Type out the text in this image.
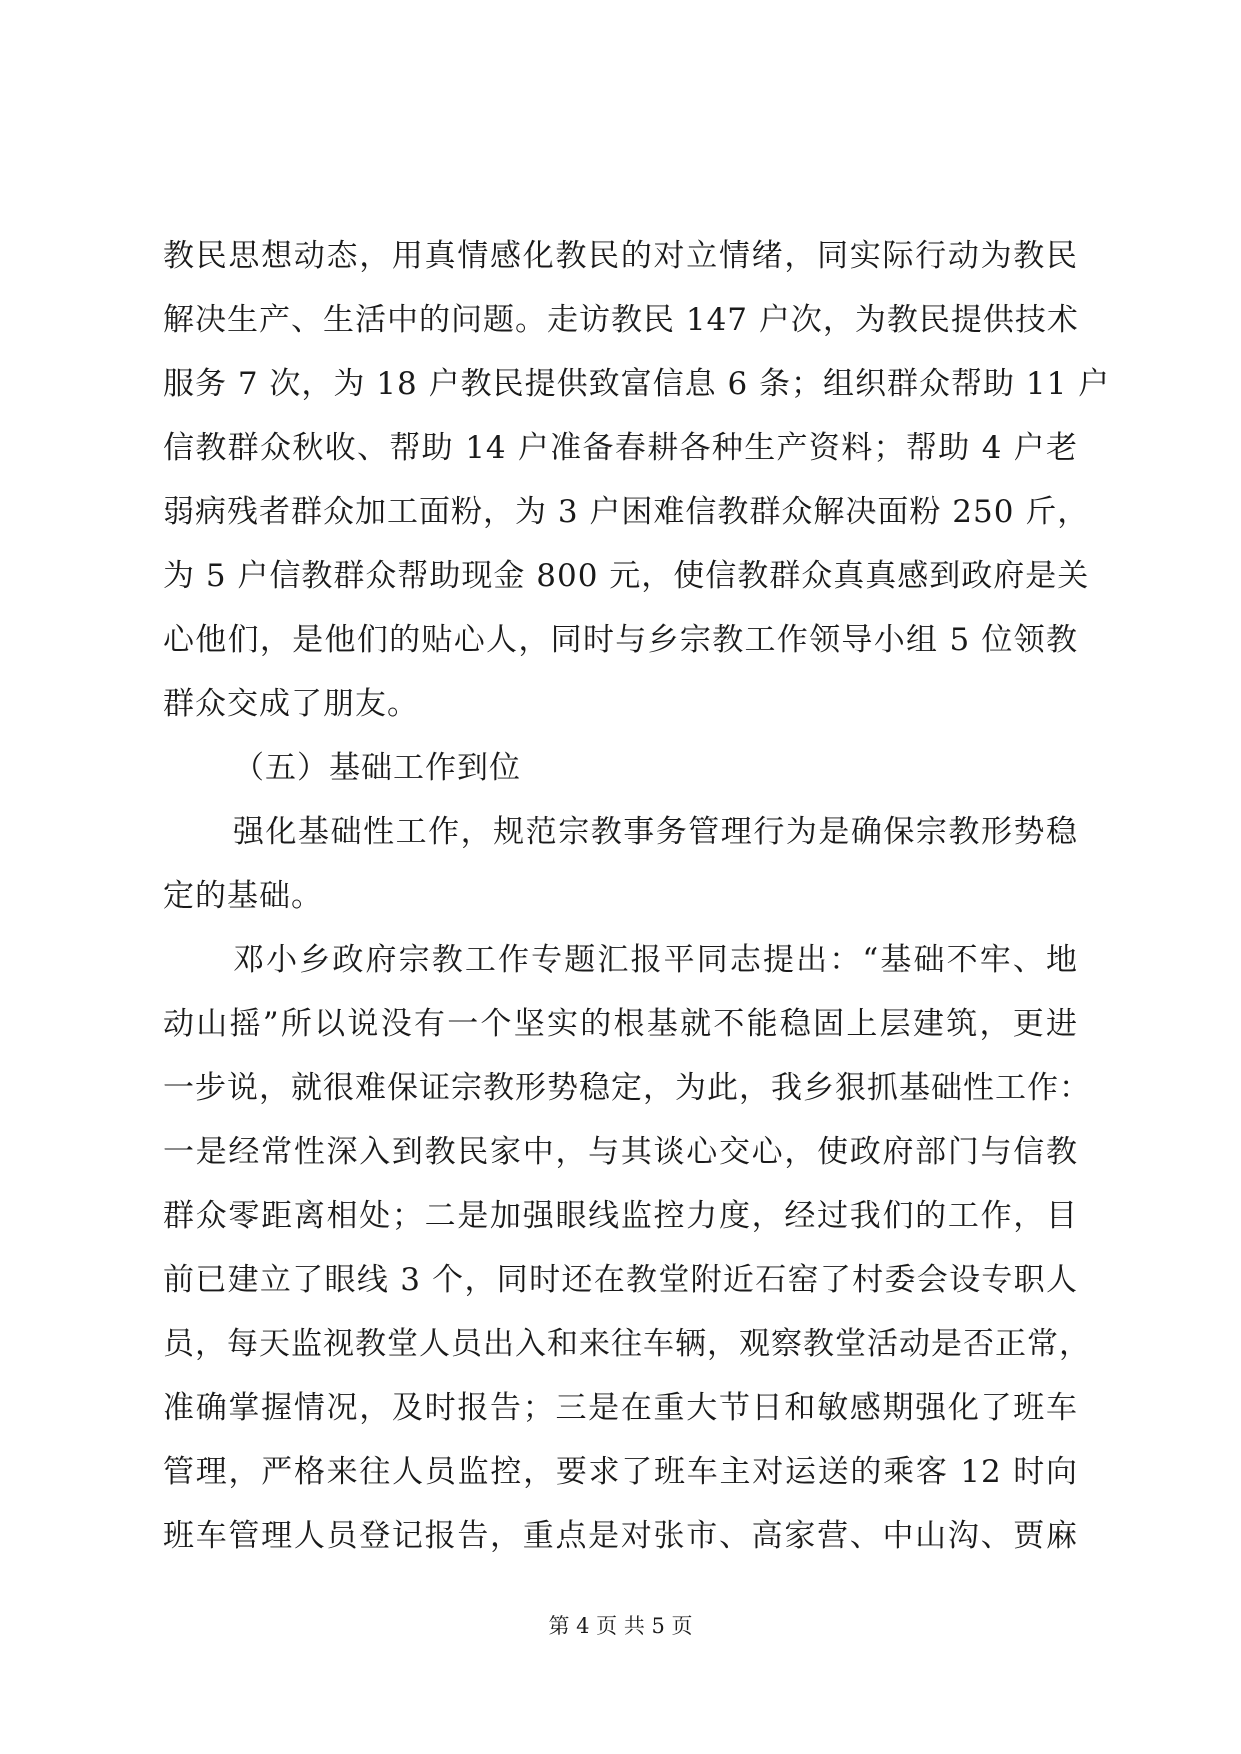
教民思想动态，用真情感化教民的对立情绪，同实际行动为教民
解决生产、生活中的问题。走访教民 147 户次，为教民提供技术
服务 7 次，为 18 户教民提供致富信息 6 条；组织群众帮助 11 户
信教群众秋收、帮助 14 户准备春耕各种生产资料；帮助 4 户老
弱病残者群众加工面粉，为 3 户困难信教群众解决面粉 250 斤，
为 5 户信教群众帮助现金 800 元，使信教群众真真感到政府是关
心他们，是他们的贴心人，同时与乡宗教工作领导小组 5 位领教
群众交成了朋友。
（五）基础工作到位
强化基础性工作，规范宗教事务管理行为是确保宗教形势稳
定的基础。
邓小乡政府宗教工作专题汇报平同志提出：“基础不牢、地
动山摇”所以说没有一个坚实的根基就不能稳固上层建筑，更进
一步说，就很难保证宗教形势稳定，为此，我乡狠抓基础性工作：
一是经常性深入到教民家中，与其谈心交心，使政府部门与信教
群众零距离相处；二是加强眼线监控力度，经过我们的工作，目
前已建立了眼线 3 个，同时还在教堂附近石窑了村委会设专职人
员，每天监视教堂人员出入和来往车辆，观察教堂活动是否正常，
准确掌握情况，及时报告；三是在重大节日和敏感期强化了班车
管理，严格来往人员监控，要求了班车主对运送的乘客 12 时向
班车管理人员登记报告，重点是对张市、高家营、中山沟、贾麻
第 4 页 共 5 页
